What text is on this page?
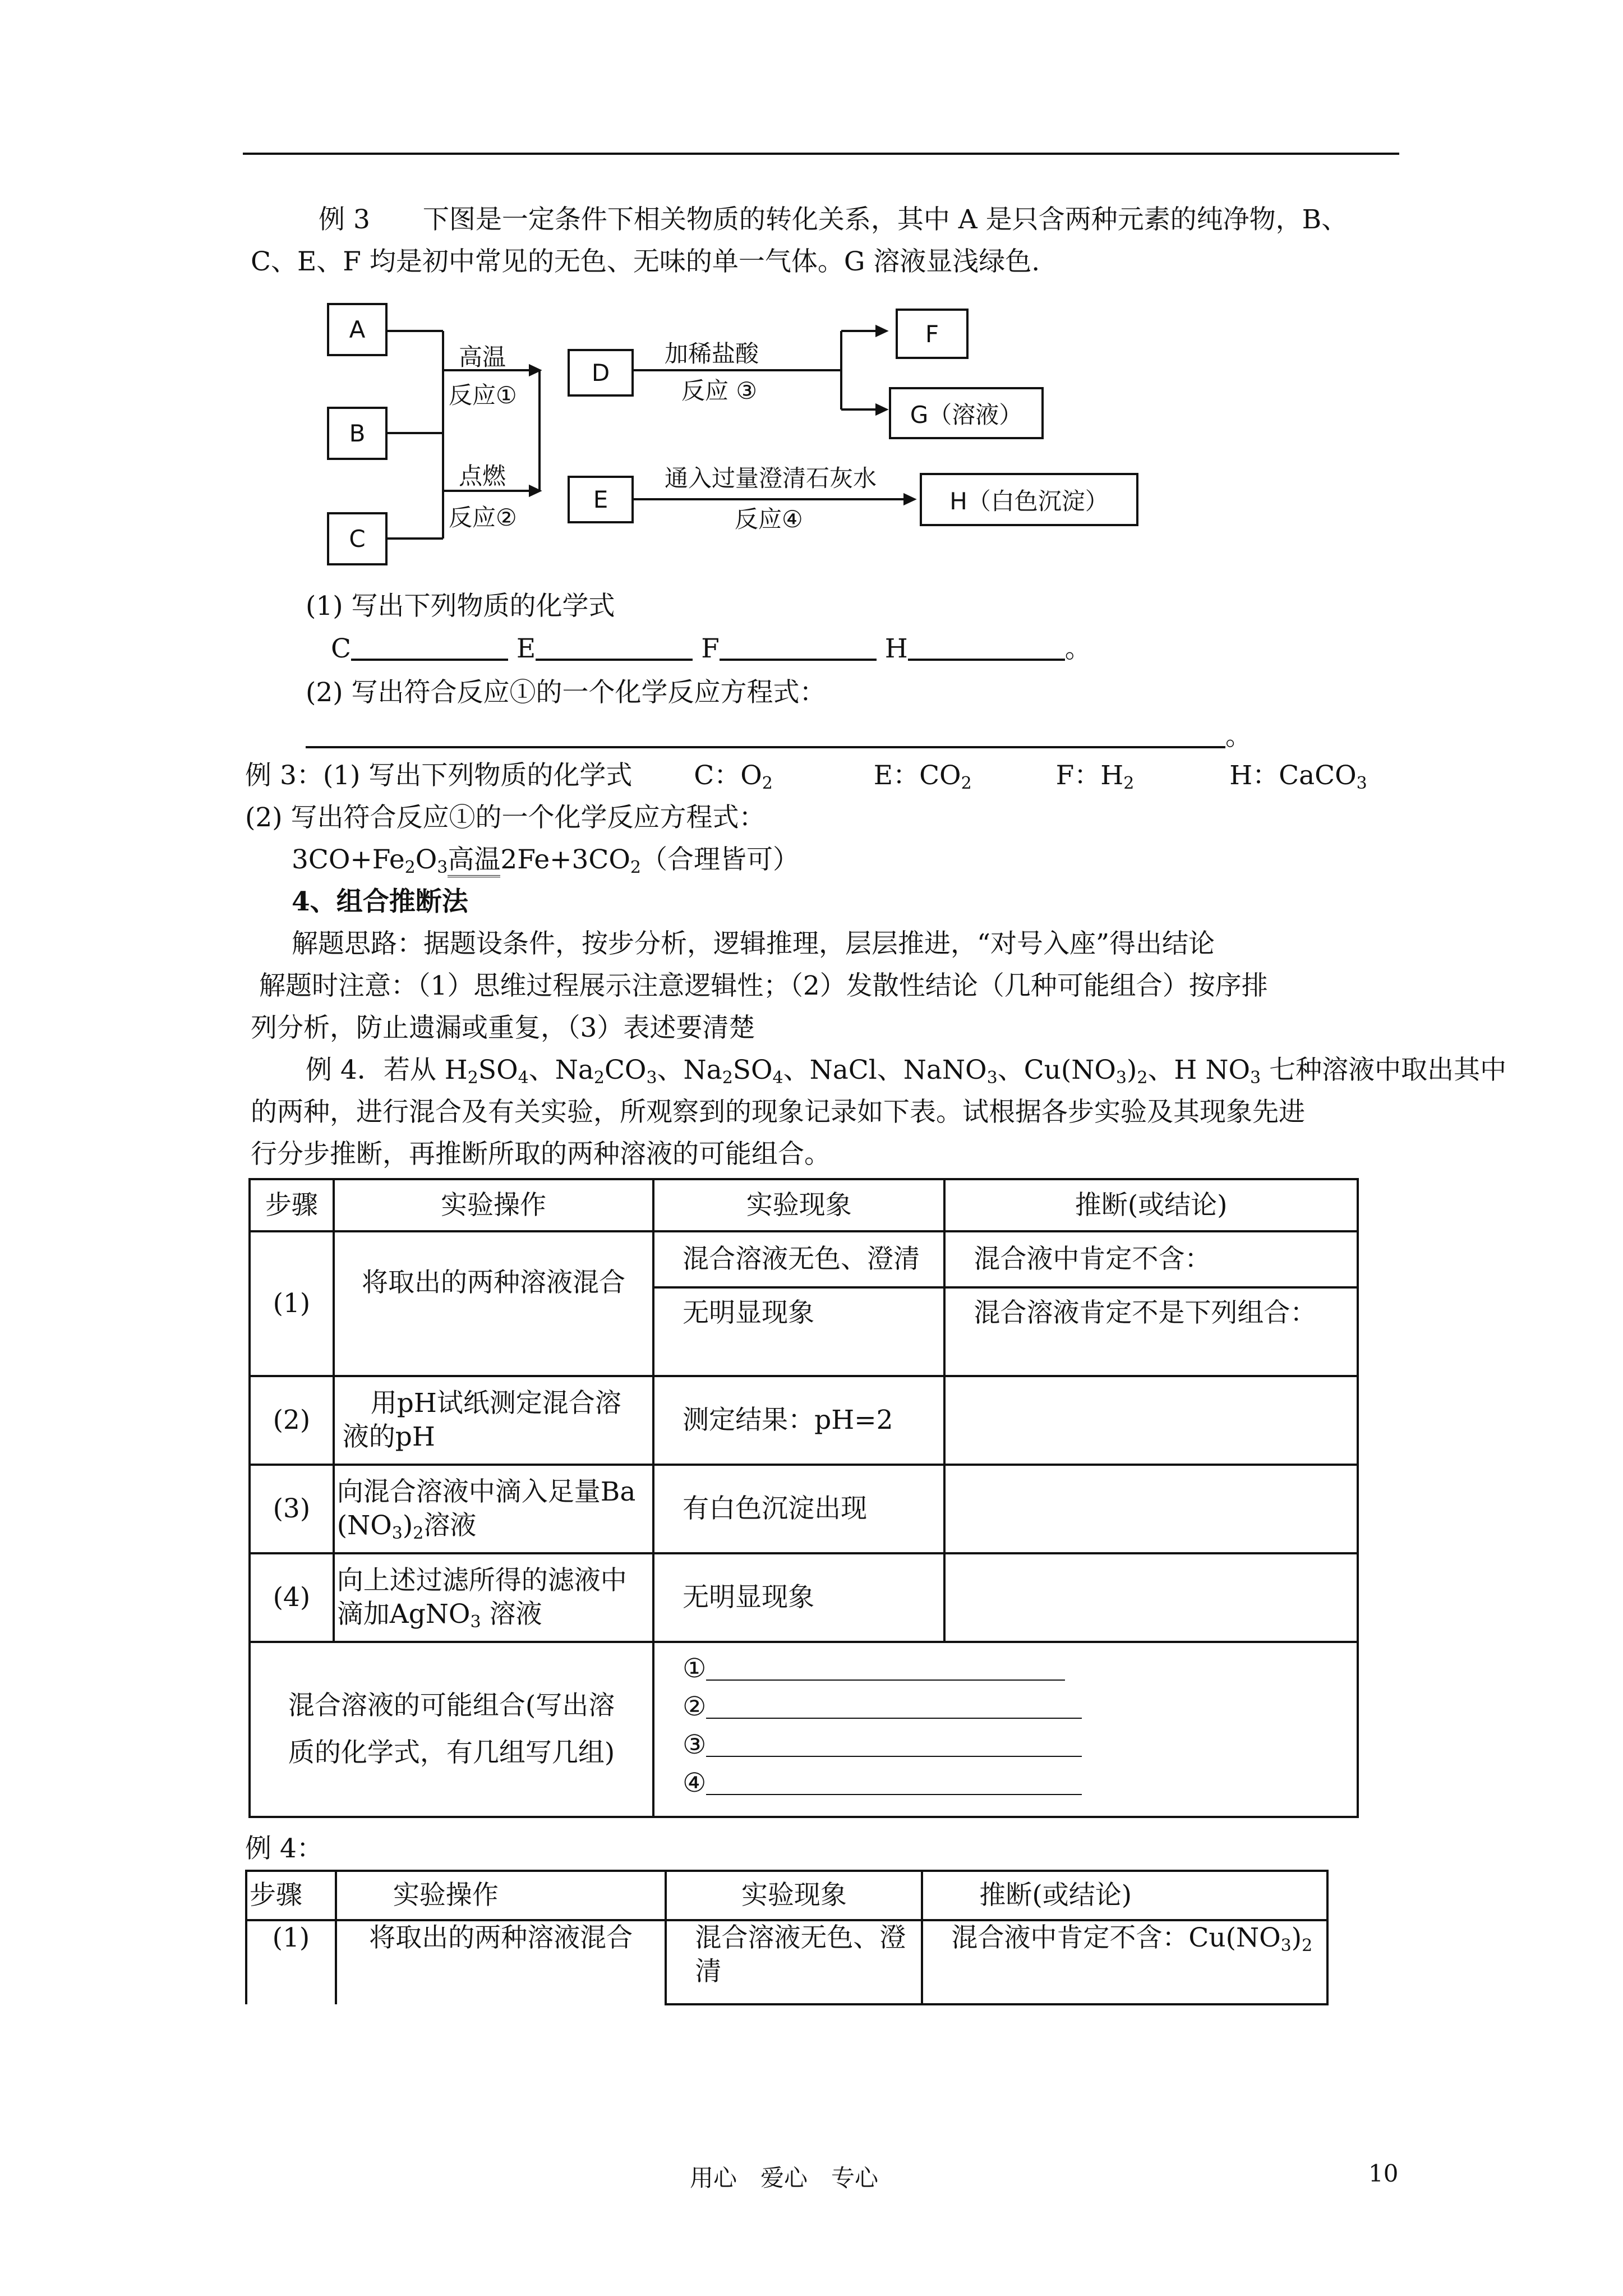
例 3　　下图是一定条件下相关物质的转化关系，其中 A 是只含两种元素的纯净物，B、
C、E、F 均是初中常见的无色、无味的单一气体。G 溶液显浅绿色.
A
B
C
D
E
F
G（溶液）
H（白色沉淀）
高温
反应①
点燃
反应②
加稀盐酸
反应 ③
通入过量澄清石灰水
反应④
(1) 写出下列物质的化学式
C	E	F	H	。
(2) 写出符合反应①的一个化学反应方程式：
。
例 3：(1) 写出下列物质的化学式 C：$O_2$	E：$CO_2$	F：$H_2$	H：CaCO$_3$
(2) 写出符合反应①的一个化学反应方程式：
$3CO+Fe_2O_3$高温$2Fe+3CO_2$（合理皆可）
4、组合推断法
解题思路：据题设条件，按步分析，逻辑推理，层层推进，“对号入座”得出结论
解题时注意：（1）思维过程展示注意逻辑性；（2）发散性结论（几种可能组合）按序排
列分析，防止遗漏或重复，（3）表述要清楚
例 4．若从 $H_2SO_4$、$Na_2CO_3$、$Na_2SO_4$、NaCl、NaNO$_3$、$Cu(NO_3)_2$、H $NO_3$ 七种溶液中取出其中
的两种，进行混合及有关实验，所观察到的现象记录如下表。试根据各步实验及其现象先进
行分步推断，再推断所取的两种溶液的可能组合。
步骤	实验操作	实验现象	推断(或结论)
(1)	将取出的两种溶液混合	混合溶液无色、澄清	混合液中肯定不含：
		无明显现象	混合溶液肯定不是下列组合：
(2)	用pH试纸测定混合溶液的pH	测定结果：pH=2	
(3)	向混合溶液中滴入足量Ba
$(NO_3)_2$溶液	有白色沉淀出现	
(4)	向上述过滤所得的滤液中
滴加AgNO$_3$ 溶液	无明显现象	
混合溶液的可能组合(写出溶质的化学式，有几组写几组)		①
②
③
④	
例 4：
步骤	实验操作	实验现象	推断(或结论)
(1)	将取出的两种溶液混合	混合溶液无色、澄清	混合液中肯定不含：$Cu(NO_3)_2$
用心　爱心　专心	10
